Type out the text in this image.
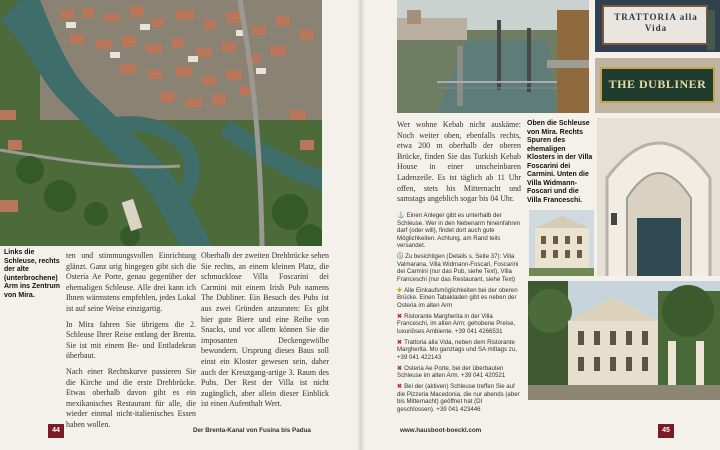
Links die Schleuse, rechts der alte (unterbrochene) Arm ins Zentrum von Mira.

ten und stimmungsvollen Einrichtung glänzt. Ganz urig hingegen gibt sich die Osteria Ae Porte, genau gegenüber der ehemaligen Schleuse. Alle drei kann ich Ihnen wärmstens empfehlen, jedes Lokal ist auf seine Weise einzigartig.

In Mira fahren Sie übrigens die 2. Schleuse Ihrer Reise entlang der Brenta. Sie ist mit einem Be- und Entladekran überbaut.

Nach einer Rechtskurve passieren Sie die Kirche und die erste Drehbrücke. Etwas oberhalb davon gibt es ein mexikanisches Restaurant für alle, die wieder einmal nicht-italienisches Essen haben wollen.

Oberhalb der zweiten Drehbrücke sehen Sie rechts, an einem kleinen Platz, die schmucklose Villa Foscarini dei Carmini mit einem Irish Pub namens The Dubliner. Ein Besuch des Pubs ist aus zwei Gründen anzuraten: Es gibt hier gute Biere und eine Reihe von Snacks, und vor allem können Sie die imposanten Deckengewölbe bewundern. Ursprung dieses Baus soll einst ein Kloster gewesen sein, daher auch der Kreuzgang-artige 3. Raum des Pubs. Der Rest der Villa ist nicht zugänglich, aber allein dieser Einblick ist einen Aufenthalt Wert.

44	Der Brenta-Kanal von Fusina bis Padua
TRATTORIA alla Vida
THE DUBLINER

Wer wohne Kebab nicht auskäme: Noch weiter oben, ebenfalls rechts, etwa 200 m oberhalb der oberen Brücke, finden Sie das Turkish Kebab House in einer unscheinbaren Ladenzeile. Es ist täglich ab 11 Uhr offen, stets bis Mitternacht und samstags angeblich sogar bis 04 Uhr.

⚓ Einen Anleger gibt es unterhalb der Schleuse. Wer in den Nebenarm hineinfahren darf (oder will), findet dort auch gute Möglichkeiten. Achtung, am Rand teils versandet.
ⓘ Zu besichtigen (Details s. Seite 37): Villa Valmarana, Villa Widmann-Foscari, Foscarini dei Carmini (nur das Pub, siehe Text), Villa Franceschi (nur das Restaurant, siehe Text)
✚ Alle Einkaufsmöglichkeiten bei der oberen Brücke. Einen Tabakladen gibt es neben der Osteria im alten Arm
✖ Ristorante Margherita in der Villa Franceschi, im alten Arm; gehobene Preise, luxuriöses Ambiente. +39 041 4266531
✖ Trattoria alla Vida, neben dem Ristorante Margherita. Mo ganztags und SA mittags zu, +39 041 422143
✖ Osteria Ae Porte, bei der überbauten Schleuse im alten Arm. +39 041 420521
✖ Bei der (aktiven) Schleuse treffen Sie auf die Pizzeria Macedonia, die nur abends (aber bis Mitternacht) geöffnet hat (DI geschlossen). +39 041 423446
Oben die Schleuse von Mira. Rechts Spuren des ehemaligen Klosters in der Villa Foscarini dei Carmini. Unten die Villa Widmann-Foscari und die Villa Franceschi.
www.hausboot-boeckl.com	45
